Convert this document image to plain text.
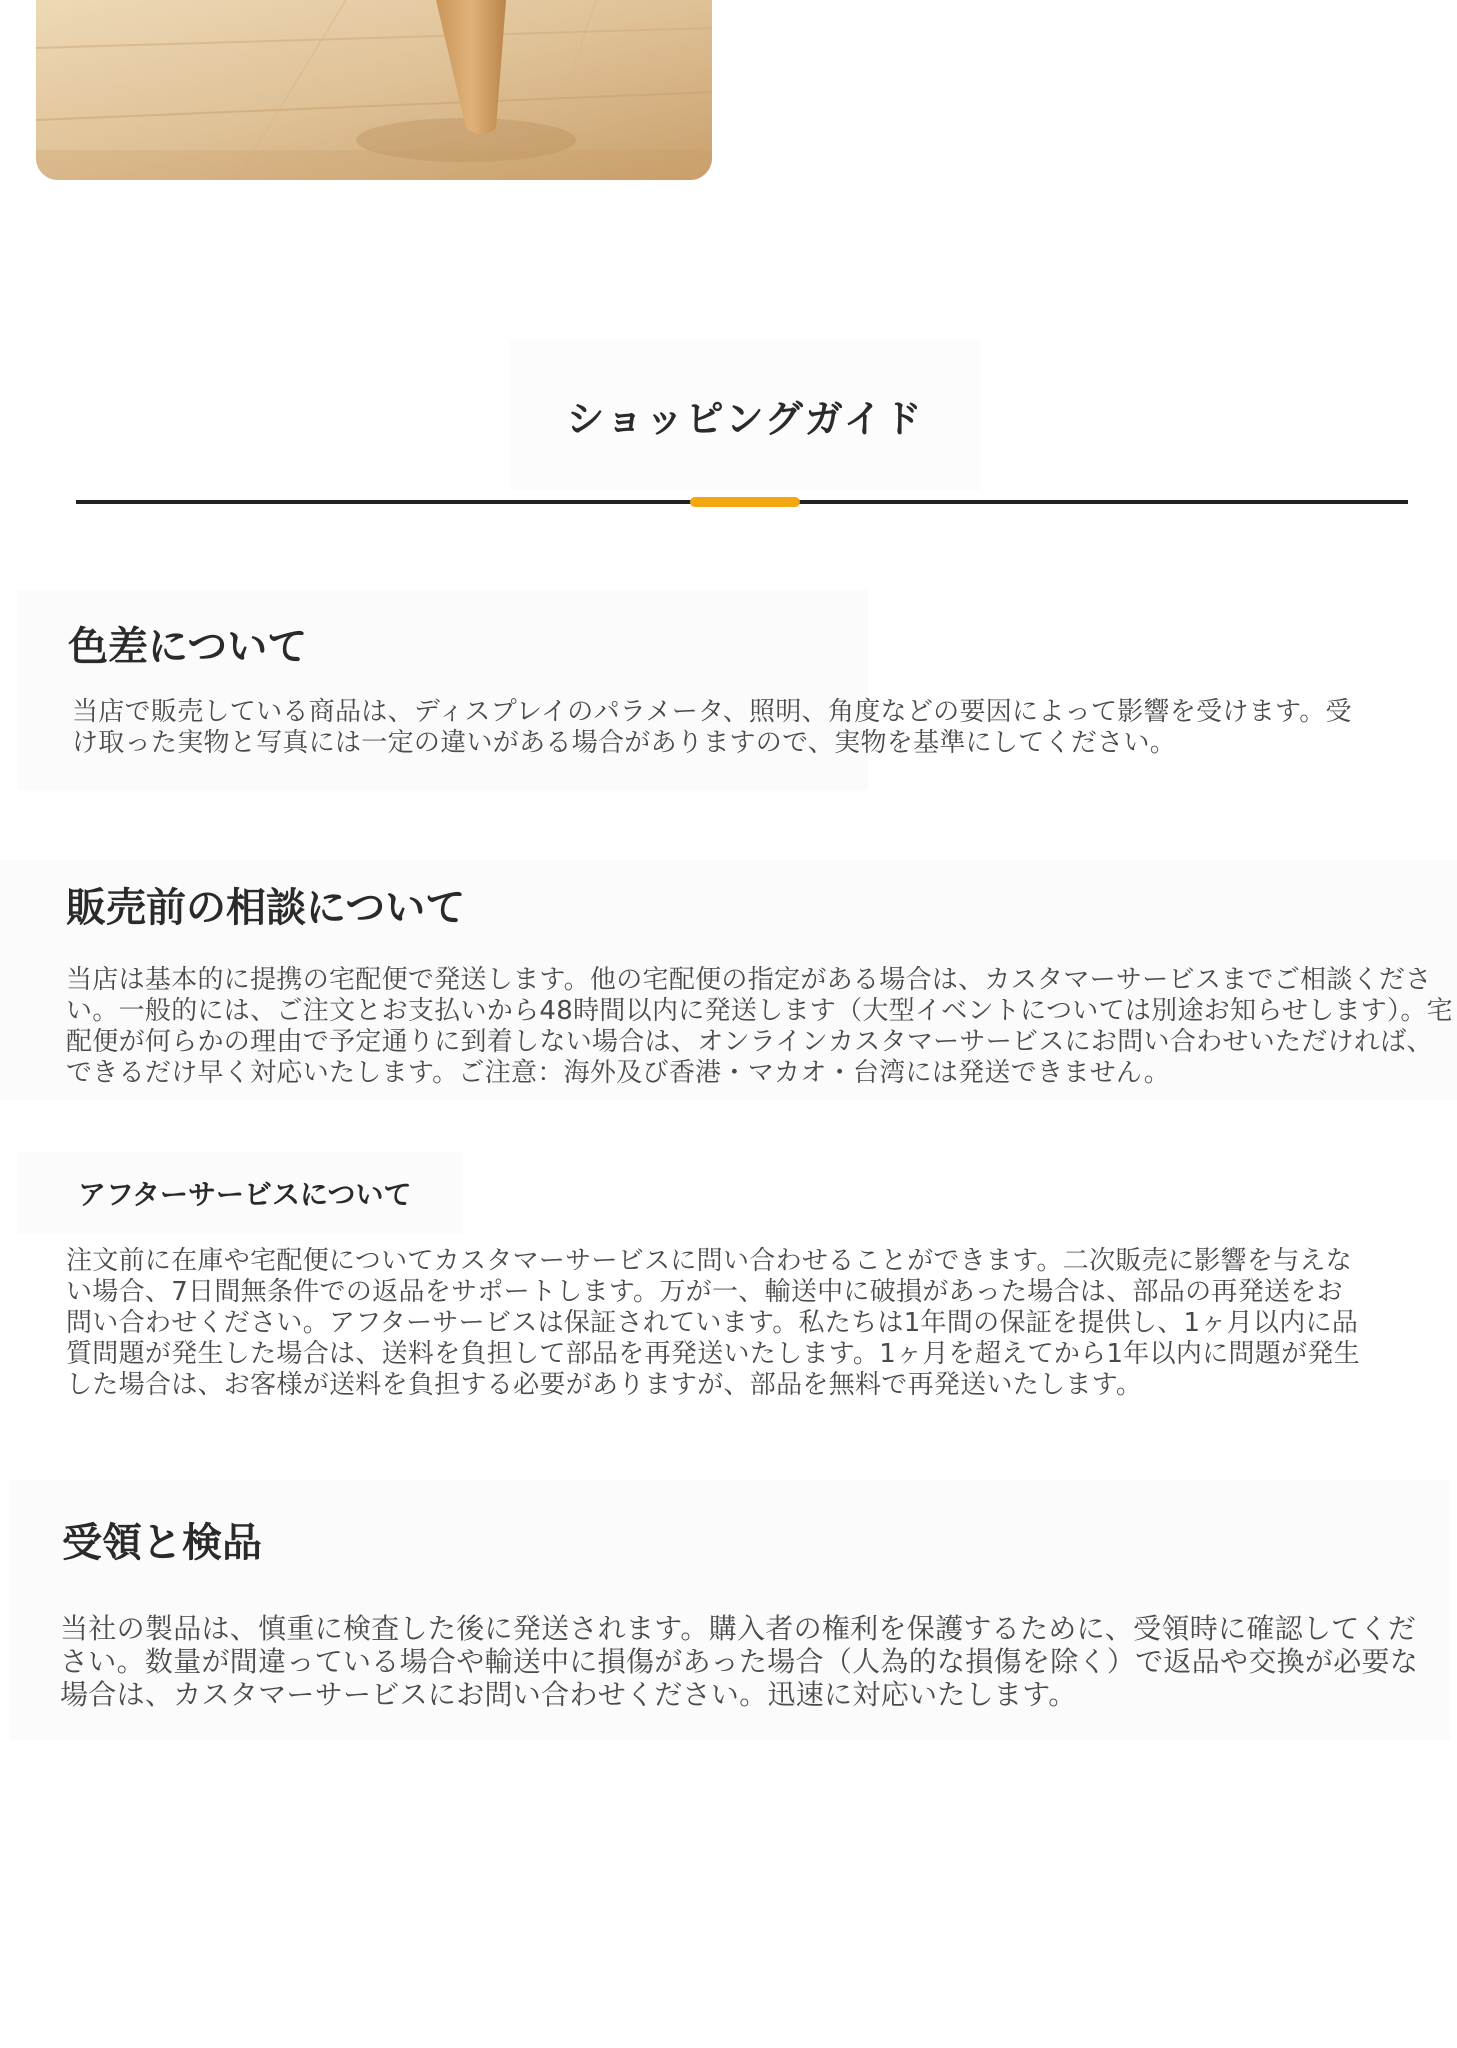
ショッピングガイド
色差について
当店で販売している商品は、ディスプレイのパラメータ、照明、角度などの要因によって影響を受けます。受け取った実物と写真には一定の違いがある場合がありますので、実物を基準にしてください。
販売前の相談について
当店は基本的に提携の宅配便で発送します。他の宅配便の指定がある場合は、カスタマーサービスまでご相談ください。一般的には、ご注文とお支払いから48時間以内に発送します（大型イベントについては別途お知らせします）。宅配便が何らかの理由で予定通りに到着しない場合は、オンラインカスタマーサービスにお問い合わせいただければ、できるだけ早く対応いたします。ご注意：海外及び香港・マカオ・台湾には発送できません。
アフターサービスについて
注文前に在庫や宅配便についてカスタマーサービスに問い合わせることができます。二次販売に影響を与えない場合、7日間無条件での返品をサポートします。万が一、輸送中に破損があった場合は、部品の再発送をお問い合わせください。アフターサービスは保証されています。私たちは1年間の保証を提供し、1ヶ月以内に品質問題が発生した場合は、送料を負担して部品を再発送いたします。1ヶ月を超えてから1年以内に問題が発生した場合は、お客様が送料を負担する必要がありますが、部品を無料で再発送いたします。
受領と検品
当社の製品は、慎重に検査した後に発送されます。購入者の権利を保護するために、受領時に確認してください。数量が間違っている場合や輸送中に損傷があった場合（人為的な損傷を除く）で返品や交換が必要な場合は、カスタマーサービスにお問い合わせください。迅速に対応いたします。
